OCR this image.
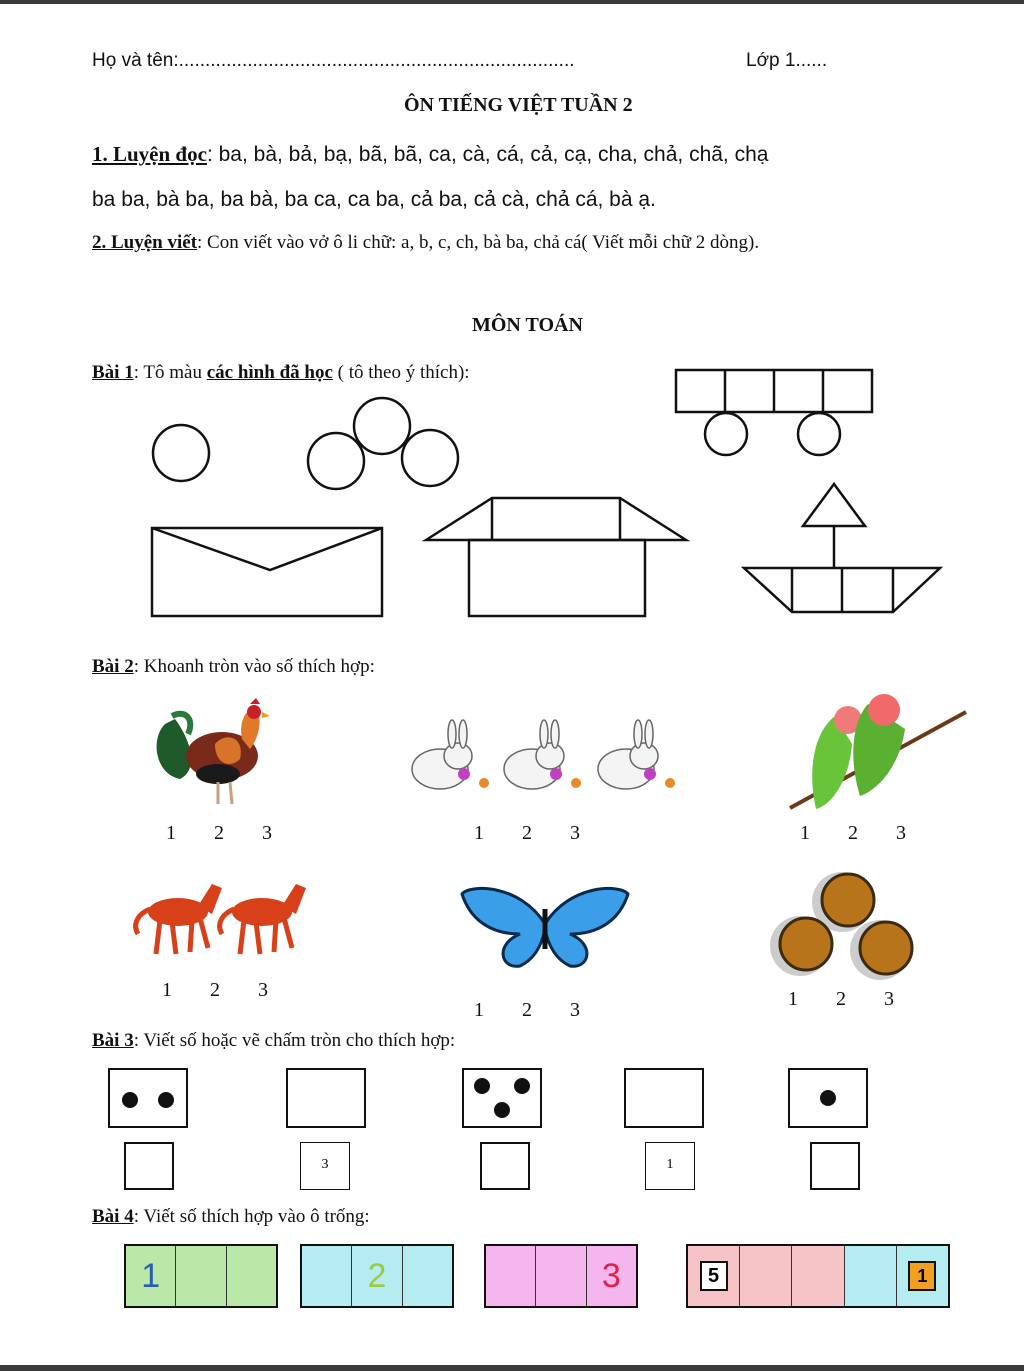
Họ và tên:...........................................................................	Lớp 1......
ÔN TIẾNG VIỆT TUẦN 2
1. Luyện đọc: ba, bà, bả, bạ, bã, bã, ca, cà, cá, cả, cạ, cha, chả, chã, chạ
ba ba, bà ba, ba bà, ba ca, ca ba, cả ba, cả cà, chả cá, bà ạ.
2. Luyện viết: Con viết vào vở ô li chữ: a, b, c, ch, bà ba, chả cá( Viết mỗi chữ 2 dòng).
MÔN TOÁN
Bài 1: Tô màu các hình đã học ( tô theo ý thích):
Bài 2: Khoanh tròn vào số thích hợp:
1 2 3	1 2 3	1 2 3
1 2 3
1 2 3	1 2 3
Bài 3: Viết số hoặc vẽ chấm tròn cho thích hợp:
3	1
Bài 4: Viết số thích hợp vào ô trống:
1	2	3	5	1
